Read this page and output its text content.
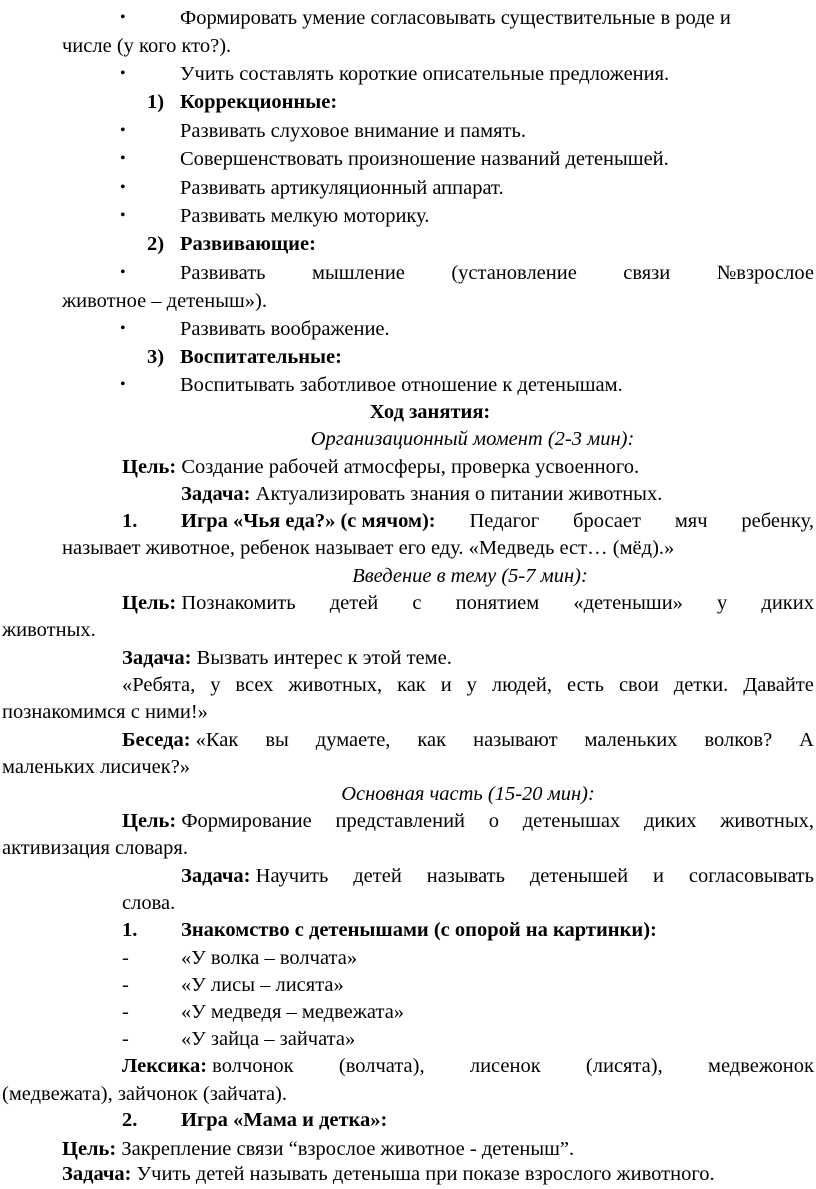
•	Формировать умение согласовывать существительные в роде и
числе (у кого кто?).
•	Учить составлять короткие описательные предложения.
1) Коррекционные:
•	Развивать слуховое внимание и память.
•	Совершенствовать произношение названий детенышей.
•	Развивать артикуляционный аппарат.
•	Развивать мелкую моторику.
2) Развивающие:
•	Развивать мышление (установление связи №взрослое
животное – детеныш»).
•	Развивать воображение.
3) Воспитательные:
•	Воспитывать заботливое отношение к детенышам.
Ход занятия:
Организационный момент (2-3 мин):
Цель: Создание рабочей атмосферы, проверка усвоенного.
Задача: Актуализировать знания о питании животных.
1. Игра «Чья еда?» (с мячом): Педагог бросает мяч ребенку,
называет животное, ребенок называет его еду. «Медведь ест… (мёд).»
Введение в тему (5-7 мин):
Цель: Познакомить детей с понятием «детеныши» у диких
животных.
Задача: Вызвать интерес к этой теме.
«Ребята, у всех животных, как и у людей, есть свои детки. Давайте
познакомимся с ними!»
Беседа: «Как вы думаете, как называют маленьких волков? А
маленьких лисичек?»
Основная часть (15-20 мин):
Цель: Формирование представлений о детенышах диких животных,
активизация словаря.
Задача: Научить детей называть детенышей и согласовывать
слова.
1. Знакомство с детенышами (с опорой на картинки):
-	«У волка – волчата»
-	«У лисы – лисята»
-	«У медведя – медвежата»
-	«У зайца – зайчата»
Лексика: волчонок (волчата), лисенок (лисята), медвежонок
(медвежата), зайчонок (зайчата).
2. Игра «Мама и детка»:
Цель: Закрепление связи “взрослое животное - детеныш”.
Задача: Учить детей называть детеныша при показе взрослого животного.
